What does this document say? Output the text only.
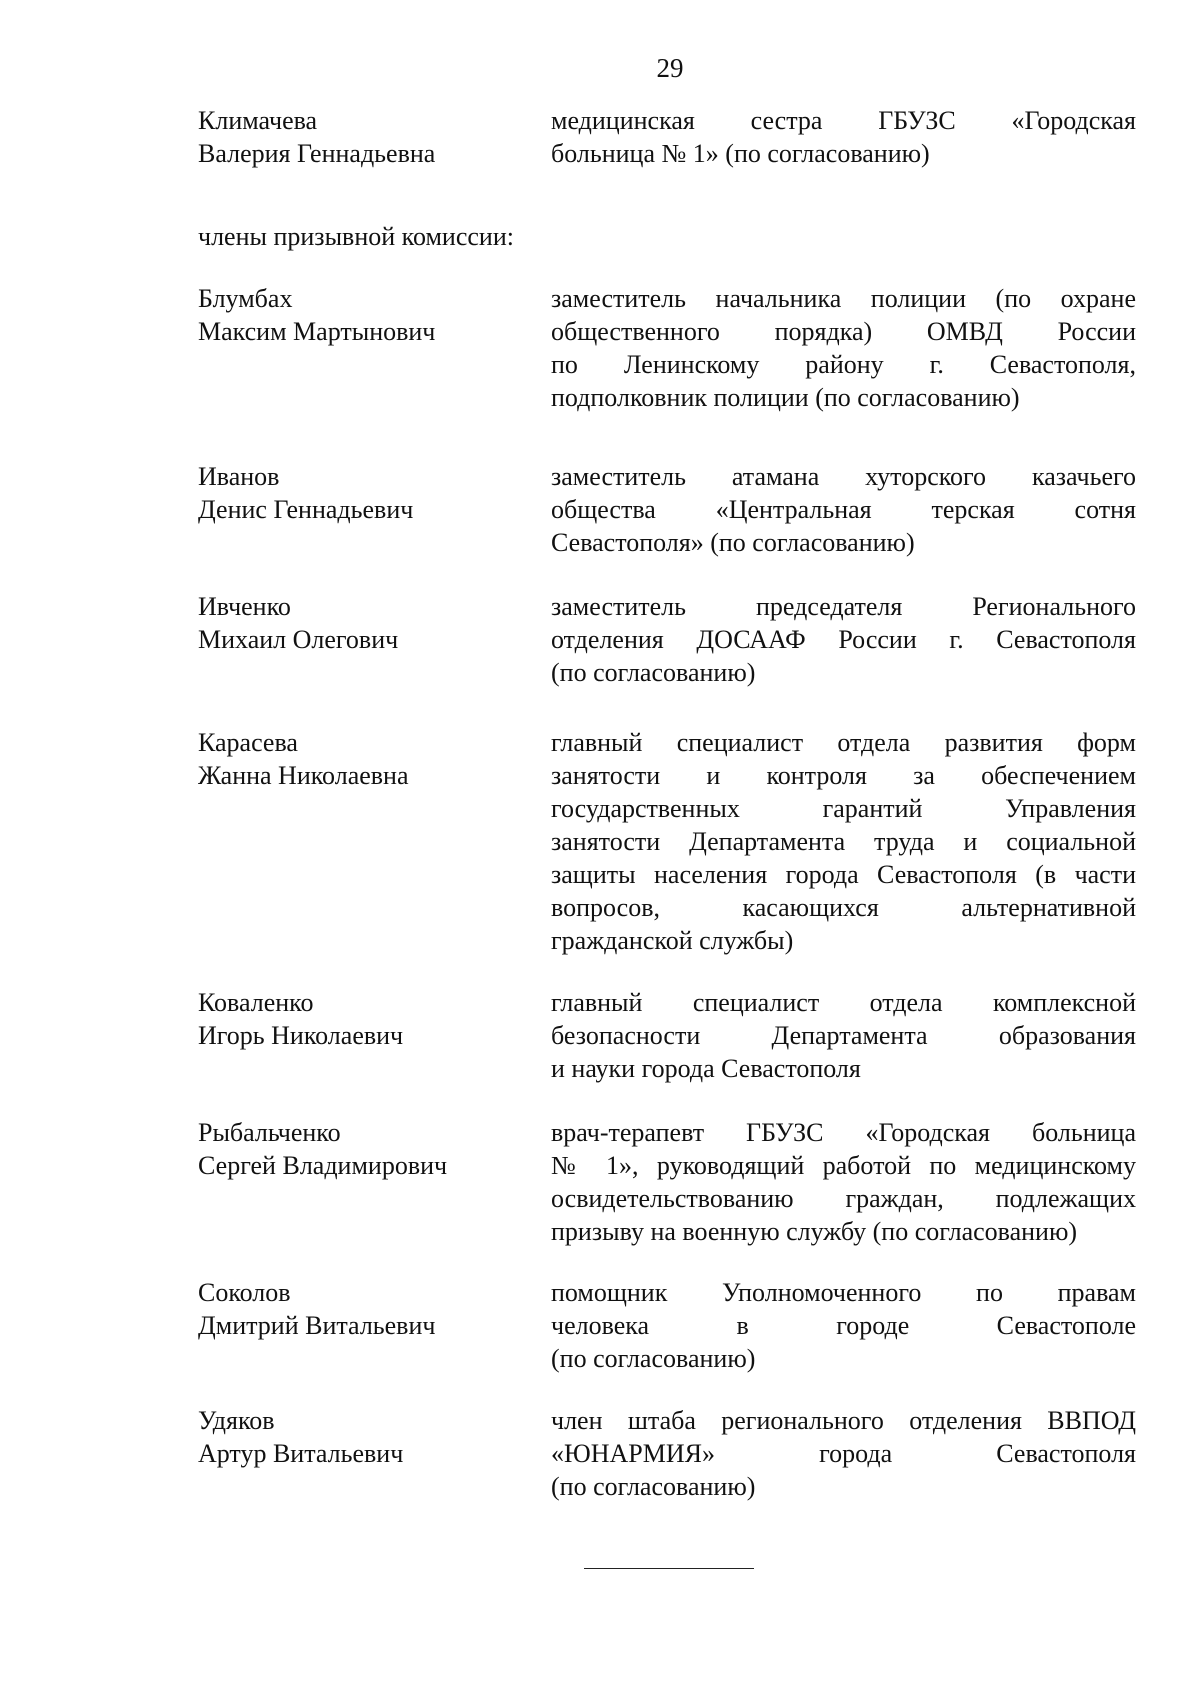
29
Климачева
Валерия Геннадьевна
медицинская сестра ГБУЗС «Городская
больница № 1» (по согласованию)
члены призывной комиссии:
Блумбах
Максим Мартынович
заместитель начальника полиции (по охране
общественного порядка) ОМВД России
по Ленинскому району г. Севастополя,
подполковник полиции (по согласованию)
Иванов
Денис Геннадьевич
заместитель атамана хуторского казачьего
общества «Центральная терская сотня
Севастополя» (по согласованию)
Ивченко
Михаил Олегович
заместитель председателя Регионального
отделения ДОСААФ России г. Севастополя
(по согласованию)
Карасева
Жанна Николаевна
главный специалист отдела развития форм
занятости и контроля за обеспечением
государственных гарантий Управления
занятости Департамента труда и социальной
защиты населения города Севастополя (в части
вопросов, касающихся альтернативной
гражданской службы)
Коваленко
Игорь Николаевич
главный специалист отдела комплексной
безопасности Департамента образования
и науки города Севастополя
Рыбальченко
Сергей Владимирович
врач-терапевт ГБУЗС «Городская больница
№ 1», руководящий работой по медицинскому
освидетельствованию граждан, подлежащих
призыву на военную службу (по согласованию)
Соколов
Дмитрий Витальевич
помощник Уполномоченного по правам
человека в городе Севастополе
(по согласованию)
Удяков
Артур Витальевич
член штаба регионального отделения ВВПОД
«ЮНАРМИЯ» города Севастополя
(по согласованию)
